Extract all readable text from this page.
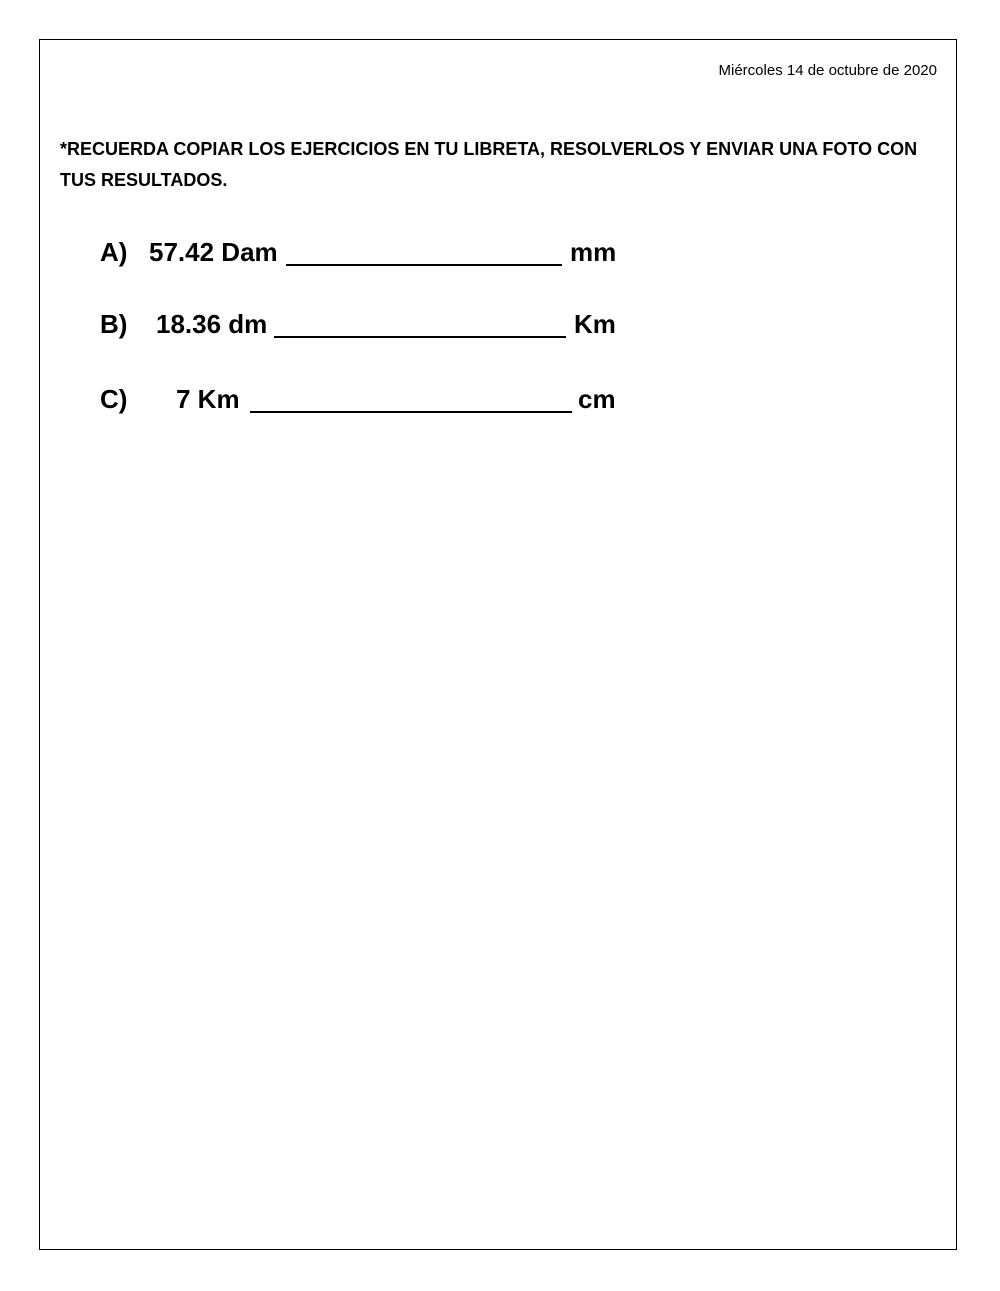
Miércoles 14 de octubre de 2020
*RECUERDA COPIAR LOS EJERCICIOS EN TU LIBRETA, RESOLVERLOS Y ENVIAR UNA FOTO CON TUS RESULTADOS.
A) 57.42 Dam	mm
B) 18.36 dm	Km
C) 7 Km	cm
